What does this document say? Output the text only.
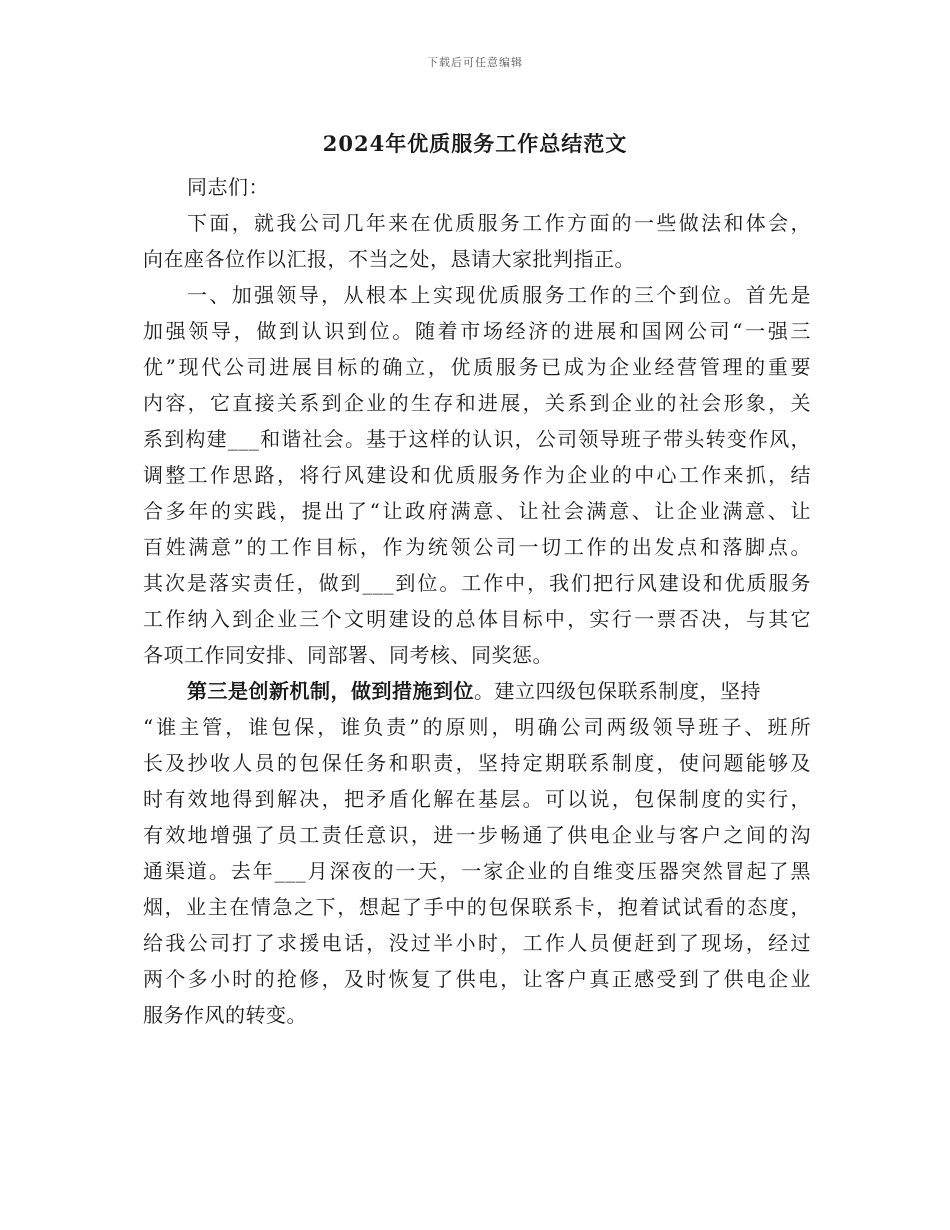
下载后可任意编辑
2024年优质服务工作总结范文
同志们：
下面，就我公司几年来在优质服务工作方面的一些做法和体会，
向在座各位作以汇报，不当之处，恳请大家批判指正。
一、加强领导，从根本上实现优质服务工作的三个到位。首先是
加强领导，做到认识到位。随着市场经济的进展和国网公司“一强三
优”现代公司进展目标的确立，优质服务已成为企业经营管理的重要
内容，它直接关系到企业的生存和进展，关系到企业的社会形象，关
系到构建___和谐社会。基于这样的认识，公司领导班子带头转变作风，
调整工作思路，将行风建设和优质服务作为企业的中心工作来抓，结
合多年的实践，提出了“让政府满意、让社会满意、让企业满意、让
百姓满意”的工作目标，作为统领公司一切工作的出发点和落脚点。
其次是落实责任，做到___到位。工作中，我们把行风建设和优质服务
工作纳入到企业三个文明建设的总体目标中，实行一票否决，与其它
各项工作同安排、同部署、同考核、同奖惩。
第三是创新机制，做到措施到位。建立四级包保联系制度，坚持
“谁主管，谁包保，谁负责”的原则，明确公司两级领导班子、班所
长及抄收人员的包保任务和职责，坚持定期联系制度，使问题能够及
时有效地得到解决，把矛盾化解在基层。可以说，包保制度的实行，
有效地增强了员工责任意识，进一步畅通了供电企业与客户之间的沟
通渠道。去年___月深夜的一天，一家企业的自维变压器突然冒起了黑
烟，业主在情急之下，想起了手中的包保联系卡，抱着试试看的态度，
给我公司打了求援电话，没过半小时，工作人员便赶到了现场，经过
两个多小时的抢修，及时恢复了供电，让客户真正感受到了供电企业
服务作风的转变。
